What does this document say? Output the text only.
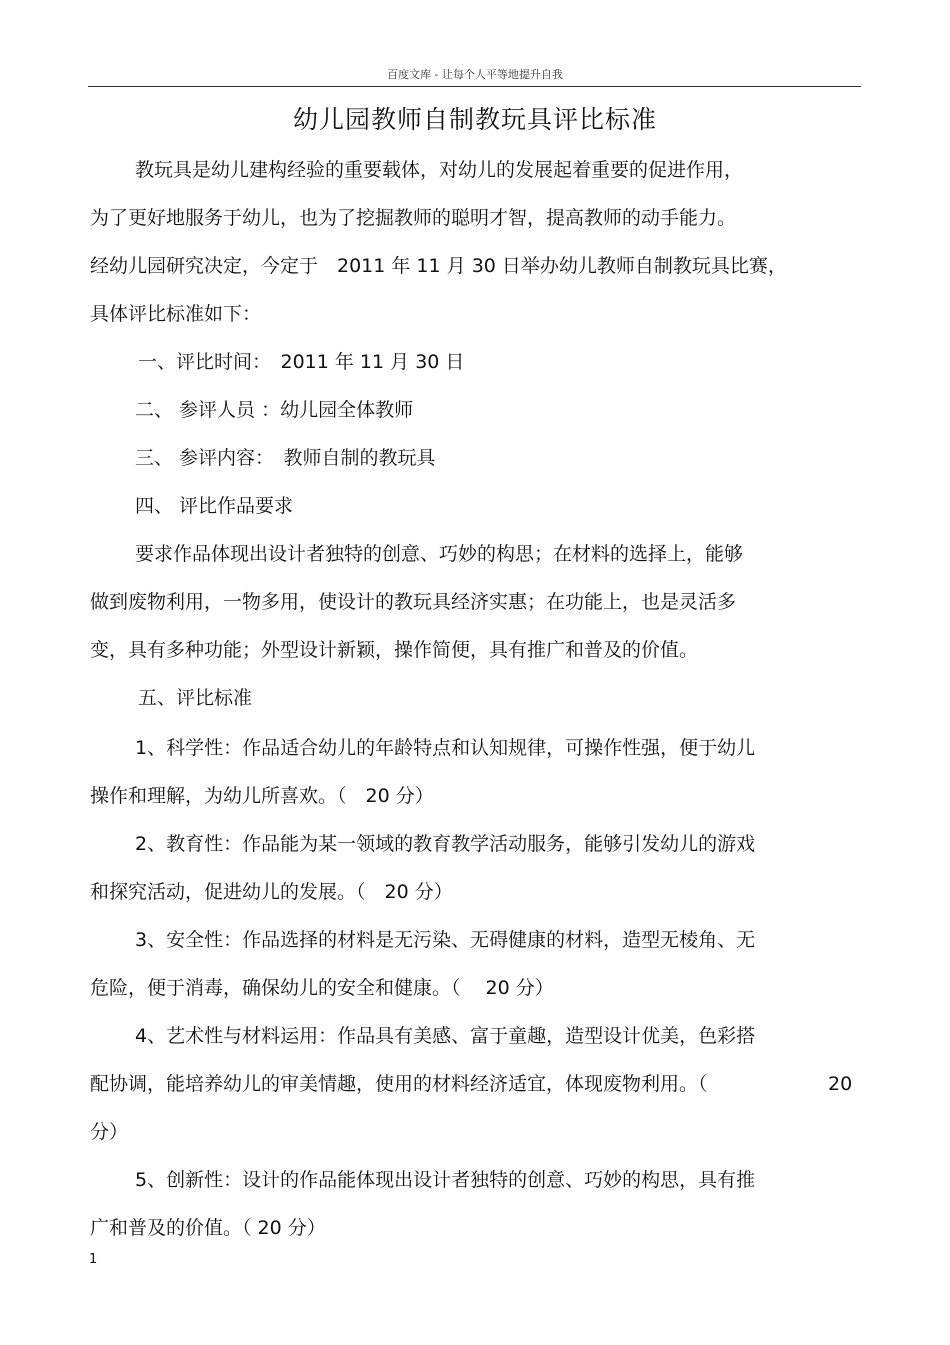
百度文库 - 让每个人平等地提升自我
幼儿园教师自制教玩具评比标准
教玩具是幼儿建构经验的重要载体，对幼儿的发展起着重要的促进作用，
为了更好地服务于幼儿，也为了挖掘教师的聪明才智，提高教师的动手能力。
经幼儿园研究决定，今定于　2011 年 11 月 30 日举办幼儿教师自制教玩具比赛，
具体评比标准如下：
一、评比时间：　2011 年 11 月 30 日
二、 参评人员 ：幼儿园全体教师
三、 参评内容：　教师自制的教玩具
四、 评比作品要求
要求作品体现出设计者独特的创意、巧妙的构思；在材料的选择上，能够
做到废物利用，一物多用，使设计的教玩具经济实惠；在功能上，也是灵活多
变，具有多种功能；外型设计新颖，操作简便，具有推广和普及的价值。
五、评比标准
1、科学性：作品适合幼儿的年龄特点和认知规律，可操作性强，便于幼儿
操作和理解，为幼儿所喜欢。（　20 分）
2、教育性：作品能为某一领域的教育教学活动服务，能够引发幼儿的游戏
和探究活动，促进幼儿的发展。（　20 分）
3、安全性：作品选择的材料是无污染、无碍健康的材料，造型无棱角、无
危险，便于消毒，确保幼儿的安全和健康。（　 20 分）
4、艺术性与材料运用：作品具有美感、富于童趣，造型设计优美，色彩搭
配协调，能培养幼儿的审美情趣，使用的材料经济适宜，体现废物利用。（	20
分）
5、创新性：设计的作品能体现出设计者独特的创意、巧妙的构思，具有推
广和普及的价值。（ 20 分）
1
